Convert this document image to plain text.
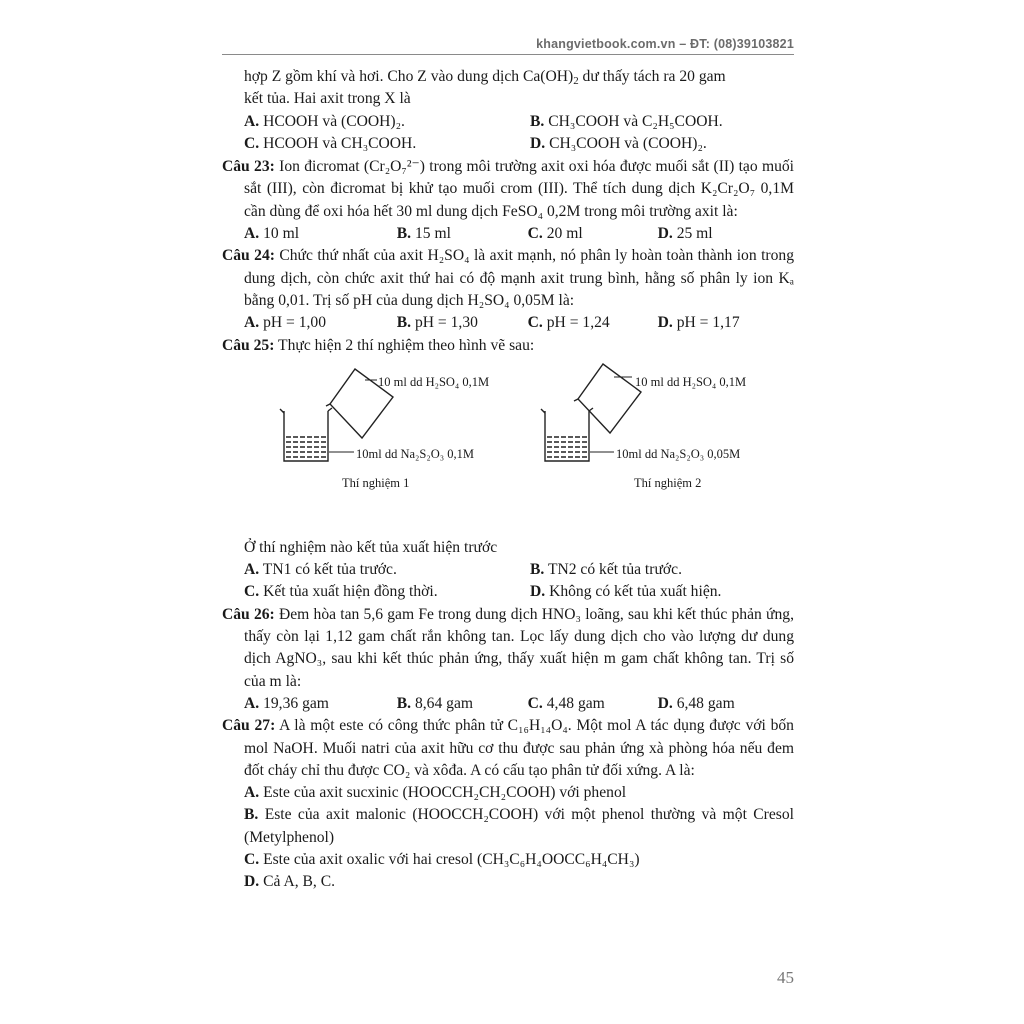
khangvietbook.com.vn – ĐT: (08)39103821

hợp Z gồm khí và hơi. Cho Z vào dung dịch $Ca(OH)_2$ dư thấy tách ra 20 gam

kết tủa. Hai axit trong X là

A. HCOOH và (COOH)₂.	B. CH₃COOH và C₂H₅COOH.
C. HCOOH và CH₃COOH.	D. CH₃COOH và (COOH)₂.

Câu 23: Ion đicromat (Cr₂O₇²⁻) trong môi trường axit oxi hóa được muối sắt (II) tạo muối sắt (III), còn đicromat bị khử tạo muối crom (III). Thể tích dung dịch K₂Cr₂O₇ 0,1M cần dùng để oxi hóa hết 30 ml dung dịch FeSO₄ 0,2M trong môi trường axit là:

A. 10 ml	B. 15 ml	C. 20 ml	D. 25 ml

Câu 24: Chức thứ nhất của axit H₂SO₄ là axit mạnh, nó phân ly hoàn toàn thành ion trong dung dịch, còn chức axit thứ hai có độ mạnh axit trung bình, hằng số phân ly ion Kₐ bằng 0,01. Trị số pH của dung dịch H₂SO₄ 0,05M là:

A. pH = 1,00	B. pH = 1,30	C. pH = 1,24	D. pH = 1,17

Câu 25: Thực hiện 2 thí nghiệm theo hình vẽ sau:

10 ml dd H₂SO₄ 0,1M
10ml dd Na₂S₂O₃ 0,1M
Thí nghiệm 1
10 ml dd H₂SO₄ 0,1M
10ml dd Na₂S₂O₃ 0,05M
Thí nghiệm 2

Ở thí nghiệm nào kết tủa xuất hiện trước

A. TN1 có kết tủa trước.	B. TN2 có kết tủa trước.
C. Kết tủa xuất hiện đồng thời.	D. Không có kết tủa xuất hiện.

Câu 26: Đem hòa tan 5,6 gam Fe trong dung dịch HNO₃ loãng, sau khi kết thúc phản ứng, thấy còn lại 1,12 gam chất rắn không tan. Lọc lấy dung dịch cho vào lượng dư dung dịch AgNO₃, sau khi kết thúc phản ứng, thấy xuất hiện m gam chất không tan. Trị số của m là:

A. 19,36 gam	B. 8,64 gam	C. 4,48 gam	D. 6,48 gam

Câu 27: A là một este có công thức phân tử C₁₆H₁₄O₄. Một mol A tác dụng được với bốn mol NaOH. Muối natri của axit hữu cơ thu được sau phản ứng xà phòng hóa nếu đem đốt cháy chỉ thu được CO₂ và xôđa. A có cấu tạo phân tử đối xứng. A là:

A. Este của axit sucxinic (HOOCCH₂CH₂COOH) với phenol

B. Este của axit malonic (HOOCCH₂COOH) với một phenol thường và một Cresol (Metylphenol)

C. Este của axit oxalic với hai cresol (CH₃C₆H₄OOCC₆H₄CH₃)

D. Cả A, B, C.

45
